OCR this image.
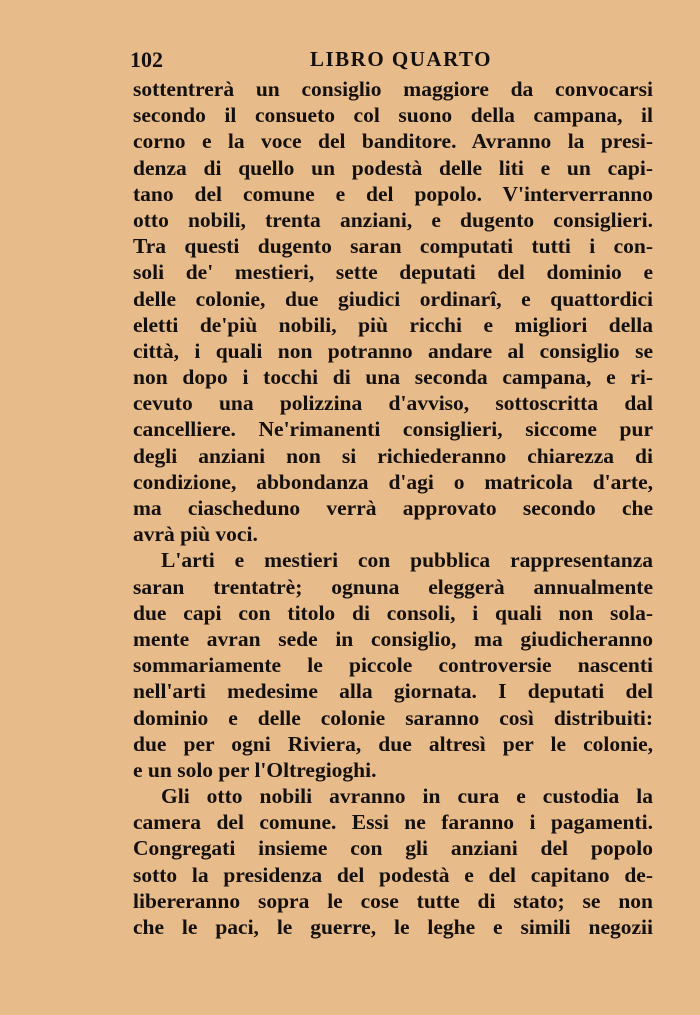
102	LIBRO QUARTO
sottentrerà un consiglio maggiore da convocarsi
secondo il consueto col suono della campana, il
corno e la voce del banditore. Avranno la presi-
denza di quello un podestà delle liti e un capi-
tano del comune e del popolo. V'interverranno
otto nobili, trenta anziani, e dugento consiglieri.
Tra questi dugento saran computati tutti i con-
soli de' mestieri, sette deputati del dominio e
delle colonie, due giudici ordinarî, e quattordici
eletti de'più nobili, più ricchi e migliori della
città, i quali non potranno andare al consiglio se
non dopo i tocchi di una seconda campana, e ri-
cevuto una polizzina d'avviso, sottoscritta dal
cancelliere. Ne'rimanenti consiglieri, siccome pur
degli anziani non si richiederanno chiarezza di
condizione, abbondanza d'agi o matricola d'arte,
ma ciascheduno verrà approvato secondo che
avrà più voci.
L'arti e mestieri con pubblica rappresentanza
saran trentatrè; ognuna eleggerà annualmente
due capi con titolo di consoli, i quali non sola-
mente avran sede in consiglio, ma giudicheranno
sommariamente le piccole controversie nascenti
nell'arti medesime alla giornata. I deputati del
dominio e delle colonie saranno così distribuiti:
due per ogni Riviera, due altresì per le colonie,
e un solo per l'Oltregioghi.
Gli otto nobili avranno in cura e custodia la
camera del comune. Essi ne faranno i pagamenti.
Congregati insieme con gli anziani del popolo
sotto la presidenza del podestà e del capitano de-
libereranno sopra le cose tutte di stato; se non
che le paci, le guerre, le leghe e simili negozii
